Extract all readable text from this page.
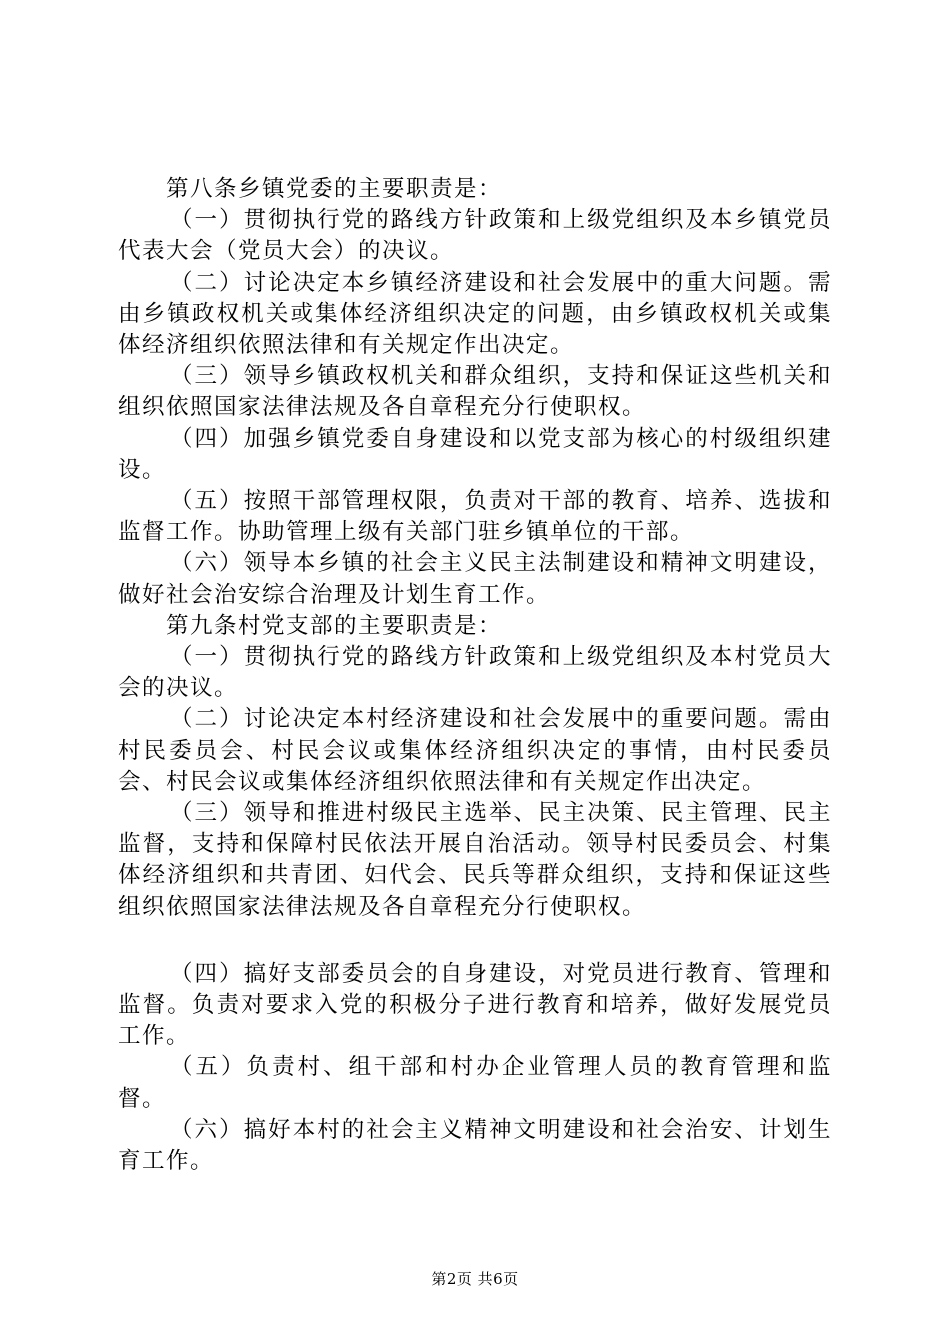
第八条乡镇党委的主要职责是：

（一）贯彻执行党的路线方针政策和上级党组织及本乡镇党员代表大会（党员大会）的决议。

（二）讨论决定本乡镇经济建设和社会发展中的重大问题。需由乡镇政权机关或集体经济组织决定的问题，由乡镇政权机关或集体经济组织依照法律和有关规定作出决定。

（三）领导乡镇政权机关和群众组织，支持和保证这些机关和组织依照国家法律法规及各自章程充分行使职权。

（四）加强乡镇党委自身建设和以党支部为核心的村级组织建设。

（五）按照干部管理权限，负责对干部的教育、培养、选拔和监督工作。协助管理上级有关部门驻乡镇单位的干部。

（六）领导本乡镇的社会主义民主法制建设和精神文明建设，做好社会治安综合治理及计划生育工作。

第九条村党支部的主要职责是：

（一）贯彻执行党的路线方针政策和上级党组织及本村党员大会的决议。

（二）讨论决定本村经济建设和社会发展中的重要问题。需由村民委员会、村民会议或集体经济组织决定的事情，由村民委员会、村民会议或集体经济组织依照法律和有关规定作出决定。

（三）领导和推进村级民主选举、民主决策、民主管理、民主监督，支持和保障村民依法开展自治活动。领导村民委员会、村集体经济组织和共青团、妇代会、民兵等群众组织，支持和保证这些组织依照国家法律法规及各自章程充分行使职权。

（四）搞好支部委员会的自身建设，对党员进行教育、管理和监督。负责对要求入党的积极分子进行教育和培养，做好发展党员工作。

（五）负责村、组干部和村办企业管理人员的教育管理和监督。

（六）搞好本村的社会主义精神文明建设和社会治安、计划生育工作。

第2页 共6页
